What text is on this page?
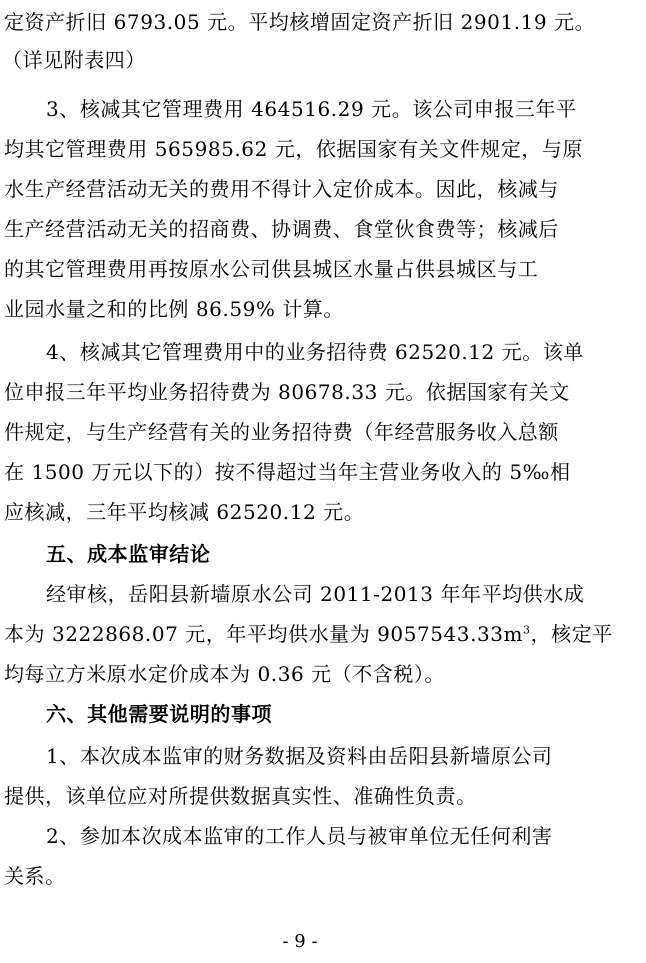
定资产折旧 6793.05 元。平均核增固定资产折旧 2901.19 元。
（详见附表四）
3、核减其它管理费用 464516.29 元。该公司申报三年平
均其它管理费用 565985.62 元，依据国家有关文件规定，与原
水生产经营活动无关的费用不得计入定价成本。因此，核减与
生产经营活动无关的招商费、协调费、食堂伙食费等；核减后
的其它管理费用再按原水公司供县城区水量占供县城区与工
业园水量之和的比例 86.59% 计算。
4、核减其它管理费用中的业务招待费 62520.12 元。该单
位申报三年平均业务招待费为 80678.33 元。依据国家有关文
件规定，与生产经营有关的业务招待费（年经营服务收入总额
在 1500 万元以下的）按不得超过当年主营业务收入的 5‰相
应核减，三年平均核减 62520.12 元。
五、成本监审结论
经审核，岳阳县新墙原水公司 2011-2013 年年平均供水成
本为 3222868.07 元，年平均供水量为 $9057543.33m^3$，核定平
均每立方米原水定价成本为 0.36 元（不含税）。
六、其他需要说明的事项
1、本次成本监审的财务数据及资料由岳阳县新墙原公司
提供，该单位应对所提供数据真实性、准确性负责。
2、参加本次成本监审的工作人员与被审单位无任何利害
关系。
- 9 -
